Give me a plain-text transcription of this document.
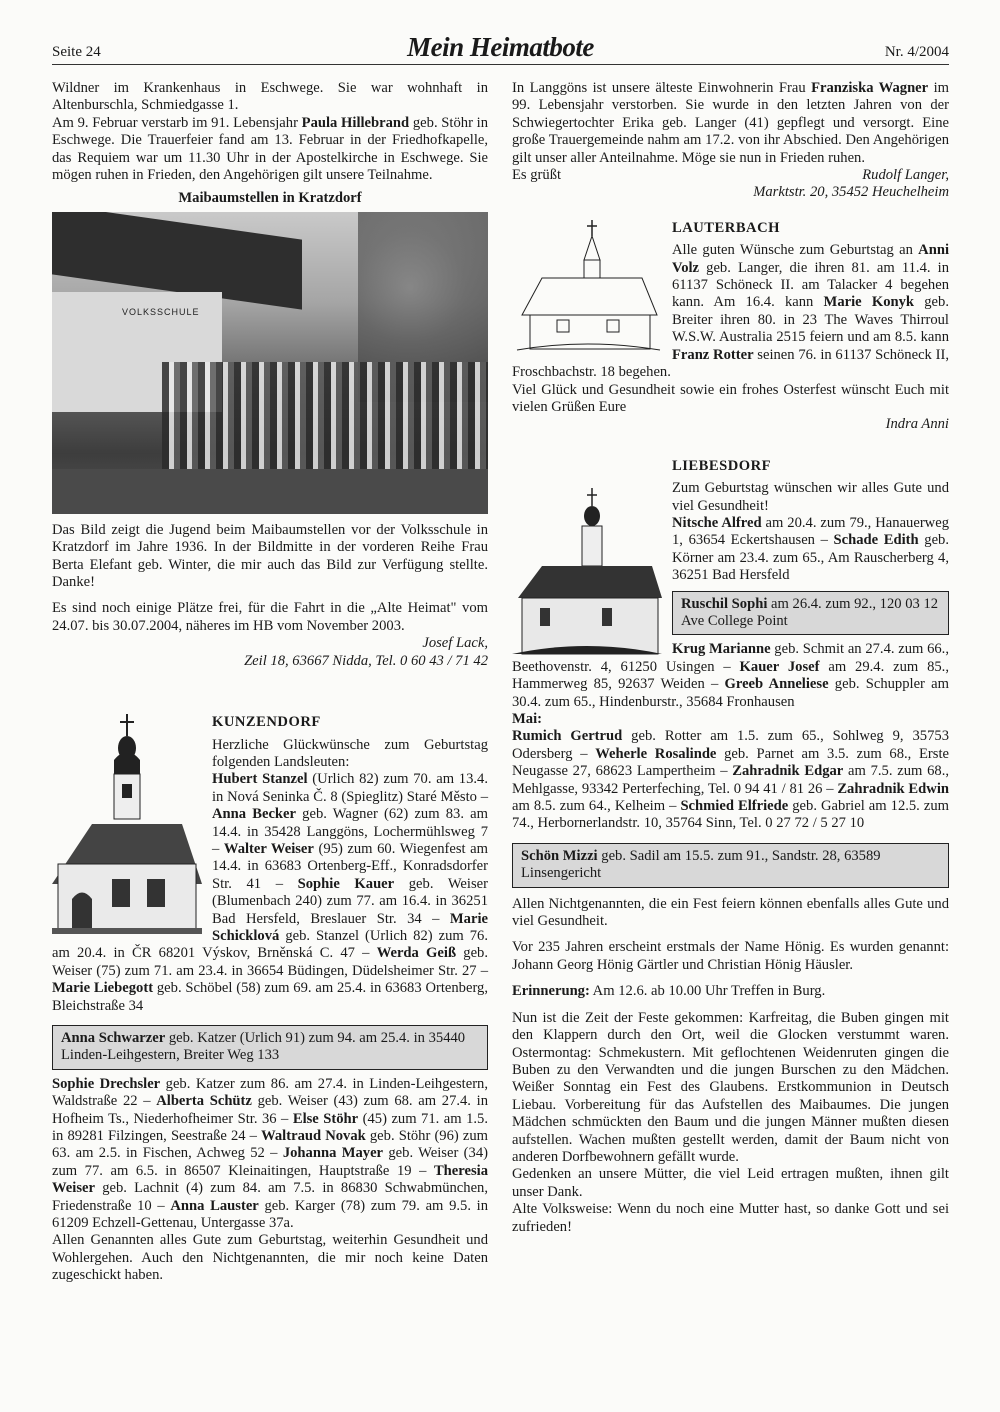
Seite 24	Mein Heimatbote	Nr. 4/2004

Wildner im Krankenhaus in Eschwege. Sie war wohnhaft in Altenburschla, Schmiedgasse 1.

Am 9. Februar verstarb im 91. Lebensjahr Paula Hillebrand geb. Stöhr in Eschwege. Die Trauerfeier fand am 13. Februar in der Friedhofkapelle, das Requiem war um 11.30 Uhr in der Apostelkirche in Eschwege. Sie mögen ruhen in Frieden, den Angehörigen gilt unsere Teilnahme.

Maibaumstellen in Kratzdorf
VOLKSSCHULE

Das Bild zeigt die Jugend beim Maibaumstellen vor der Volksschule in Kratzdorf im Jahre 1936. In der Bildmitte in der vorderen Reihe Frau Berta Elefant geb. Winter, die mir auch das Bild zur Verfügung stellte. Danke!

Es sind noch einige Plätze frei, für die Fahrt in die „Alte Heimat" vom 24.07. bis 30.07.2004, näheres im HB vom November 2003.

Josef Lack,

Zeil 18, 63667 Nidda, Tel. 0 60 43 / 71 42

KUNZENDORF

Herzliche Glückwünsche zum Geburtstag folgenden Landsleuten:

Hubert Stanzel (Urlich 82) zum 70. am 13.4. in Nová Seninka Č. 8 (Spieglitz) Staré Město – Anna Becker geb. Wagner (62) zum 83. am 14.4. in 35428 Langgöns, Lochermühlsweg 7 – Walter Weiser (95) zum 60. Wiegenfest am 14.4. in 63683 Ortenberg-Eff., Konradsdorfer Str. 41 – Sophie Kauer geb. Weiser (Blumenbach 240) zum 77. am 16.4. in 36251 Bad Hersfeld, Breslauer Str. 34 – Marie Schicklová geb. Stanzel (Urlich 82) zum 76. am 20.4. in ČR 68201 Výskov, Brněnská C. 47 – Werda Geiß geb. Weiser (75) zum 71. am 23.4. in 36654 Büdingen, Düdelsheimer Str. 27 – Marie Liebegott geb. Schöbel (58) zum 69. am 25.4. in 63683 Ortenberg, Bleichstraße 34

Anna Schwarzer geb. Katzer (Urlich 91) zum 94. am 25.4. in 35440 Linden-Leihgestern, Breiter Weg 133

Sophie Drechsler geb. Katzer zum 86. am 27.4. in Linden-Leihgestern, Waldstraße 22 – Alberta Schütz geb. Weiser (43) zum 68. am 27.4. in Hofheim Ts., Niederhofheimer Str. 36 – Else Stöhr (45) zum 71. am 1.5. in 89281 Filzingen, Seestraße 24 – Waltraud Novak geb. Stöhr (96) zum 63. am 2.5. in Fischen, Achweg 52 – Johanna Mayer geb. Weiser (34) zum 77. am 6.5. in 86507 Kleinaitingen, Hauptstraße 19 – Theresia Weiser geb. Lachnit (4) zum 84. am 7.5. in 86830 Schwabmünchen, Friedenstraße 10 – Anna Lauster geb. Karger (78) zum 79. am 9.5. in 61209 Echzell-Gettenau, Untergasse 37a.

Allen Genannten alles Gute zum Geburtstag, weiterhin Gesundheit und Wohlergehen. Auch den Nichtgenannten, die mir noch keine Daten zugeschickt haben.

In Langgöns ist unsere älteste Einwohnerin Frau Franziska Wagner im 99. Lebensjahr verstorben. Sie wurde in den letzten Jahren von der Schwiegertochter Erika geb. Langer (41) gepflegt und versorgt. Eine große Trauergemeinde nahm am 17.2. von ihr Abschied. Den Angehörigen gilt unser aller Anteilnahme. Möge sie nun in Frieden ruhen.

Es grüßt	Rudolf Langer,

Marktstr. 20, 35452 Heuchelheim

LAUTERBACH

Alle guten Wünsche zum Geburtstag an Anni Volz geb. Langer, die ihren 81. am 11.4. in 61137 Schöneck II. am Talacker 4 begehen kann. Am 16.4. kann Marie Konyk geb. Breiter ihren 80. in 23 The Waves Thirroul W.S.W. Australia 2515 feiern und am 8.5. kann Franz Rotter seinen 76. in 61137 Schöneck II, Froschbachstr. 18 begehen.

Viel Glück und Gesundheit sowie ein frohes Osterfest wünscht Euch mit vielen Grüßen Eure

Indra Anni

LIEBESDORF

Zum Geburtstag wünschen wir alles Gute und viel Gesundheit!

Nitsche Alfred am 20.4. zum 79., Hanauerweg 1, 63654 Eckertshausen – Schade Edith geb. Körner am 23.4. zum 65., Am Rauscherberg 4, 36251 Bad Hersfeld

Ruschil Sophi am 26.4. zum 92., 120 03 12 Ave College Point

Krug Marianne geb. Schmit an 27.4. zum 66., Beethovenstr. 4, 61250 Usingen – Kauer Josef am 29.4. zum 85., Hammerweg 85, 92637 Weiden – Greeb Anneliese geb. Schuppler am 30.4. zum 65., Hindenburstr., 35684 Fronhausen

Mai:

Rumich Gertrud geb. Rotter am 1.5. zum 65., Sohlweg 9, 35753 Odersberg – Weherle Rosalinde geb. Parnet am 3.5. zum 68., Erste Neugasse 27, 68623 Lampertheim – Zahradnik Edgar am 7.5. zum 68., Mehlgasse, 93342 Perterfeching, Tel. 0 94 41 / 81 26 – Zahradnik Edwin am 8.5. zum 64., Kelheim – Schmied Elfriede geb. Gabriel am 12.5. zum 74., Herbornerlandstr. 10, 35764 Sinn, Tel. 0 27 72 / 5 27 10

Schön Mizzi geb. Sadil am 15.5. zum 91., Sandstr. 28, 63589 Linsengericht

Allen Nichtgenannten, die ein Fest feiern können ebenfalls alles Gute und viel Gesundheit.

Vor 235 Jahren erscheint erstmals der Name Hönig. Es wurden genannt: Johann Georg Hönig Gärtler und Christian Hönig Häusler.

Erinnerung: Am 12.6. ab 10.00 Uhr Treffen in Burg.

Nun ist die Zeit der Feste gekommen: Karfreitag, die Buben gingen mit den Klappern durch den Ort, weil die Glocken verstummt waren. Ostermontag: Schmekustern. Mit geflochtenen Weidenruten gingen die Buben zu den Verwandten und die jungen Burschen zu den Mädchen. Weißer Sonntag ein Fest des Glaubens. Erstkommunion in Deutsch Liebau. Vorbereitung für das Aufstellen des Maibaumes. Die jungen Mädchen schmückten den Baum und die jungen Männer mußten diesen aufstellen. Wachen mußten gestellt werden, damit der Baum nicht von anderen Dorfbewohnern gefällt wurde.

Gedenken an unsere Mütter, die viel Leid ertragen mußten, ihnen gilt unser Dank.

Alte Volksweise: Wenn du noch eine Mutter hast, so danke Gott und sei zufrieden!
